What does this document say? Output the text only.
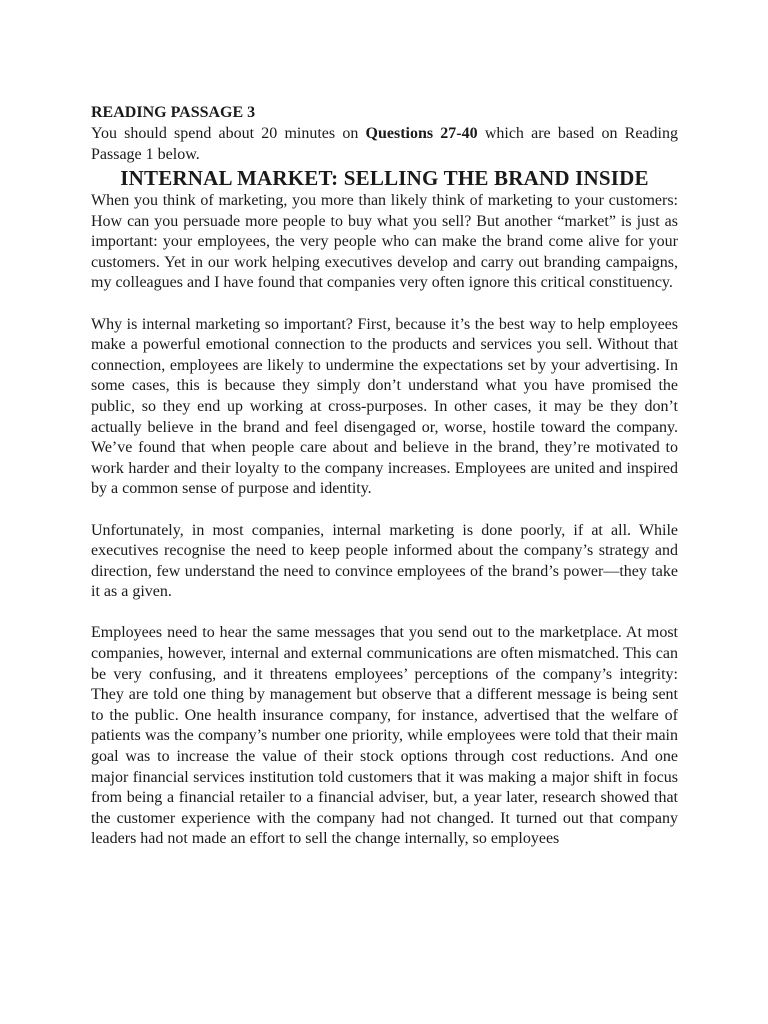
READING PASSAGE 3

You should spend about 20 minutes on Questions 27-40 which are based on Reading Passage 1 below.

INTERNAL MARKET: SELLING THE BRAND INSIDE

When you think of marketing, you more than likely think of marketing to your customers: How can you persuade more people to buy what you sell? But another “market” is just as important: your employees, the very people who can make the brand come alive for your customers. Yet in our work helping executives develop and carry out branding campaigns, my colleagues and I have found that companies very often ignore this critical constituency.

Why is internal marketing so important? First, because it’s the best way to help employees make a powerful emotional connection to the products and services you sell. Without that connection, employees are likely to undermine the expectations set by your advertising. In some cases, this is because they simply don’t understand what you have promised the public, so they end up working at cross-purposes. In other cases, it may be they don’t actually believe in the brand and feel disengaged or, worse, hostile toward the company. We’ve found that when people care about and believe in the brand, they’re motivated to work harder and their loyalty to the company increases. Employees are united and inspired by a common sense of purpose and identity.

Unfortunately, in most companies, internal marketing is done poorly, if at all. While executives recognise the need to keep people informed about the company’s strategy and direction, few understand the need to convince employees of the brand’s power—they take it as a given.

Employees need to hear the same messages that you send out to the marketplace. At most companies, however, internal and external communications are often mismatched. This can be very confusing, and it threatens employees’ perceptions of the company’s integrity: They are told one thing by management but observe that a different message is being sent to the public. One health insurance company, for instance, advertised that the welfare of patients was the company’s number one priority, while employees were told that their main goal was to increase the value of their stock options through cost reductions. And one major financial services institution told customers that it was making a major shift in focus from being a financial retailer to a financial adviser, but, a year later, research showed that the customer experience with the company had not changed. It turned out that company leaders had not made an effort to sell the change internally, so employees
